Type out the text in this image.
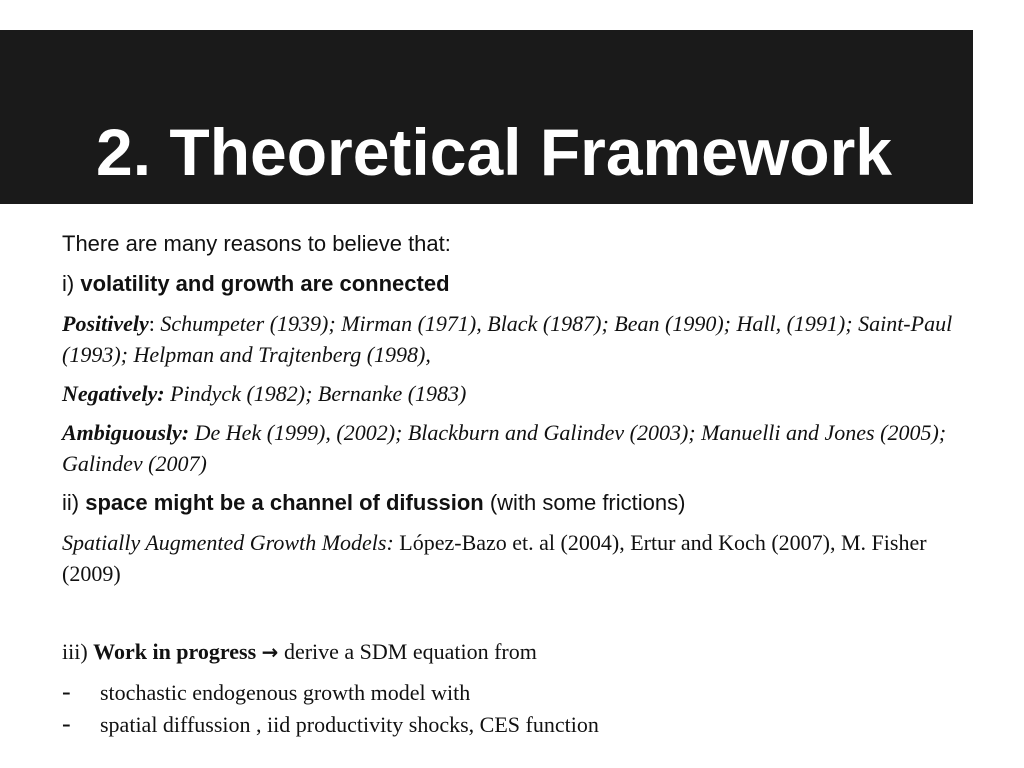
2. Theoretical Framework

There are many reasons to believe that:

i) volatility and growth are connected

Positively: Schumpeter (1939); Mirman (1971), Black (1987); Bean (1990); Hall, (1991); Saint-Paul (1993); Helpman and Trajtenberg (1998),

Negatively: Pindyck (1982); Bernanke (1983)

Ambiguously: De Hek (1999), (2002); Blackburn and Galindev (2003); Manuelli and Jones (2005); Galindev (2007)

ii) space might be a channel of difussion (with some frictions)

Spatially Augmented Growth Models: López-Bazo et. al (2004), Ertur and Koch (2007), M. Fisher (2009)

iii) Work in progress → derive a SDM equation from

-	stochastic endogenous growth model with
-	spatial diffussion , iid productivity shocks, CES function
